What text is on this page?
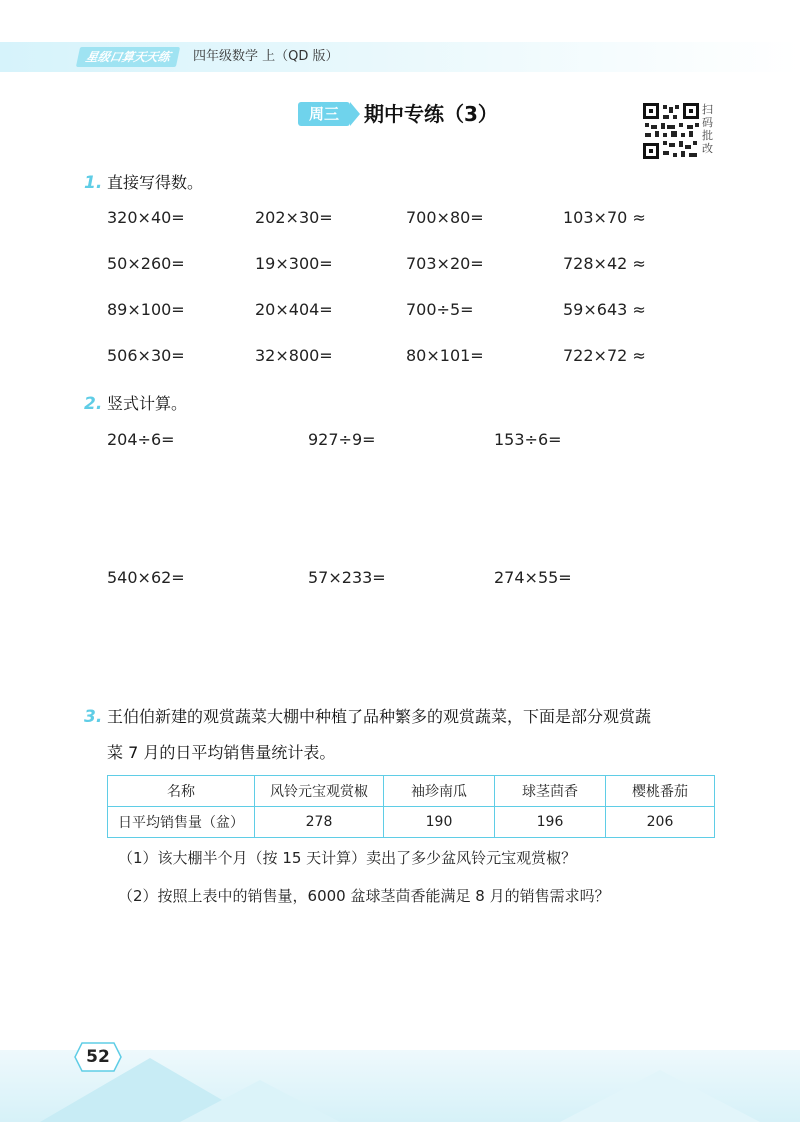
星级口算天天练	四年级数学 上（QD 版）
周三	期中专练（3）	扫
码
批
改
1. 直接写得数。
320×40=	202×30=	700×80=	103×70 ≈
50×260=	19×300=	703×20=	728×42 ≈
89×100=	20×404=	700÷5=	59×643 ≈
506×30=	32×800=	80×101=	722×72 ≈
2. 竖式计算。
204÷6=	927÷9=	153÷6=
540×62=	57×233=	274×55=
3. 王伯伯新建的观赏蔬菜大棚中种植了品种繁多的观赏蔬菜，下面是部分观赏蔬
菜 7 月的日平均销售量统计表。
名称	风铃元宝观赏椒	袖珍南瓜	球茎茴香	樱桃番茄
日平均销售量（盆）	278	190	196	206
（1）该大棚半个月（按 15 天计算）卖出了多少盆风铃元宝观赏椒？
（2）按照上表中的销售量，6000 盆球茎茴香能满足 8 月的销售需求吗？
52
